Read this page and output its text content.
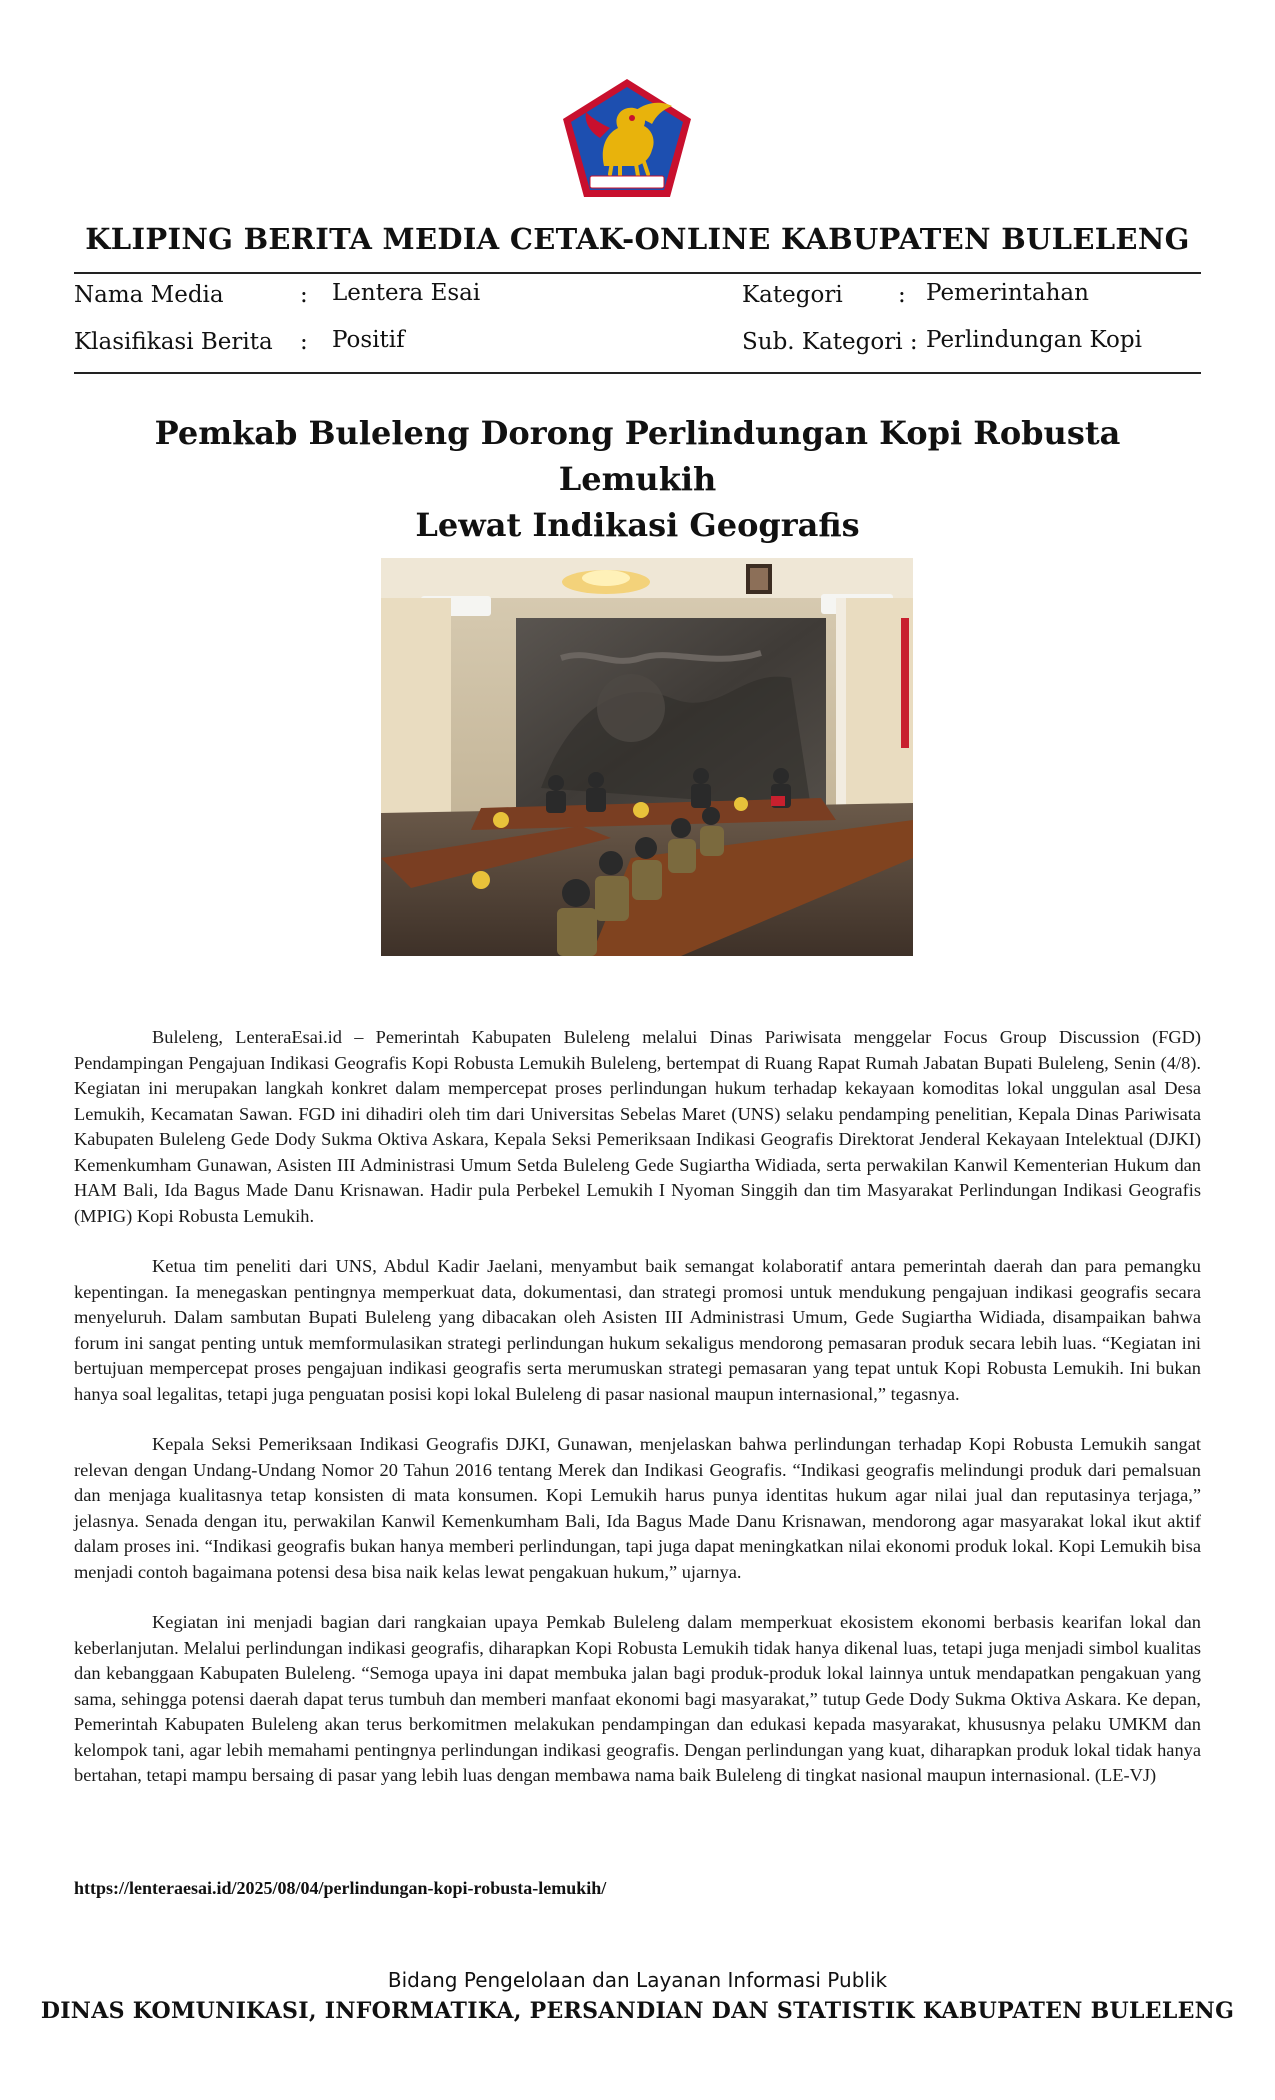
KLIPING BERITA MEDIA CETAK-ONLINE KABUPATEN BULELENG
Nama Media	: Lentera Esai
Klasifikasi Berita : Positif
Kategori : Pemerintahan
Sub. Kategori : Perlindungan Kopi
Pemkab Buleleng Dorong Perlindungan Kopi Robusta Lemukih
Lewat Indikasi Geografis

Buleleng, LenteraEsai.id – Pemerintah Kabupaten Buleleng melalui Dinas Pariwisata menggelar Focus Group Discussion (FGD) Pendampingan Pengajuan Indikasi Geografis Kopi Robusta Lemukih Buleleng, bertempat di Ruang Rapat Rumah Jabatan Bupati Buleleng, Senin (4/8). Kegiatan ini merupakan langkah konkret dalam mempercepat proses perlindungan hukum terhadap kekayaan komoditas lokal unggulan asal Desa Lemukih, Kecamatan Sawan. FGD ini dihadiri oleh tim dari Universitas Sebelas Maret (UNS) selaku pendamping penelitian, Kepala Dinas Pariwisata Kabupaten Buleleng Gede Dody Sukma Oktiva Askara, Kepala Seksi Pemeriksaan Indikasi Geografis Direktorat Jenderal Kekayaan Intelektual (DJKI) Kemenkumham Gunawan, Asisten III Administrasi Umum Setda Buleleng Gede Sugiartha Widiada, serta perwakilan Kanwil Kementerian Hukum dan HAM Bali, Ida Bagus Made Danu Krisnawan. Hadir pula Perbekel Lemukih I Nyoman Singgih dan tim Masyarakat Perlindungan Indikasi Geografis (MPIG) Kopi Robusta Lemukih.

Ketua tim peneliti dari UNS, Abdul Kadir Jaelani, menyambut baik semangat kolaboratif antara pemerintah daerah dan para pemangku kepentingan. Ia menegaskan pentingnya memperkuat data, dokumentasi, dan strategi promosi untuk mendukung pengajuan indikasi geografis secara menyeluruh. Dalam sambutan Bupati Buleleng yang dibacakan oleh Asisten III Administrasi Umum, Gede Sugiartha Widiada, disampaikan bahwa forum ini sangat penting untuk memformulasikan strategi perlindungan hukum sekaligus mendorong pemasaran produk secara lebih luas. “Kegiatan ini bertujuan mempercepat proses pengajuan indikasi geografis serta merumuskan strategi pemasaran yang tepat untuk Kopi Robusta Lemukih. Ini bukan hanya soal legalitas, tetapi juga penguatan posisi kopi lokal Buleleng di pasar nasional maupun internasional,” tegasnya.

Kepala Seksi Pemeriksaan Indikasi Geografis DJKI, Gunawan, menjelaskan bahwa perlindungan terhadap Kopi Robusta Lemukih sangat relevan dengan Undang-Undang Nomor 20 Tahun 2016 tentang Merek dan Indikasi Geografis. “Indikasi geografis melindungi produk dari pemalsuan dan menjaga kualitasnya tetap konsisten di mata konsumen. Kopi Lemukih harus punya identitas hukum agar nilai jual dan reputasinya terjaga,” jelasnya. Senada dengan itu, perwakilan Kanwil Kemenkumham Bali, Ida Bagus Made Danu Krisnawan, mendorong agar masyarakat lokal ikut aktif dalam proses ini. “Indikasi geografis bukan hanya memberi perlindungan, tapi juga dapat meningkatkan nilai ekonomi produk lokal. Kopi Lemukih bisa menjadi contoh bagaimana potensi desa bisa naik kelas lewat pengakuan hukum,” ujarnya.

Kegiatan ini menjadi bagian dari rangkaian upaya Pemkab Buleleng dalam memperkuat ekosistem ekonomi berbasis kearifan lokal dan keberlanjutan. Melalui perlindungan indikasi geografis, diharapkan Kopi Robusta Lemukih tidak hanya dikenal luas, tetapi juga menjadi simbol kualitas dan kebanggaan Kabupaten Buleleng. “Semoga upaya ini dapat membuka jalan bagi produk-produk lokal lainnya untuk mendapatkan pengakuan yang sama, sehingga potensi daerah dapat terus tumbuh dan memberi manfaat ekonomi bagi masyarakat,” tutup Gede Dody Sukma Oktiva Askara. Ke depan, Pemerintah Kabupaten Buleleng akan terus berkomitmen melakukan pendampingan dan edukasi kepada masyarakat, khususnya pelaku UMKM dan kelompok tani, agar lebih memahami pentingnya perlindungan indikasi geografis. Dengan perlindungan yang kuat, diharapkan produk lokal tidak hanya bertahan, tetapi mampu bersaing di pasar yang lebih luas dengan membawa nama baik Buleleng di tingkat nasional maupun internasional. (LE-VJ)

https://lenteraesai.id/2025/08/04/perlindungan-kopi-robusta-lemukih/
Bidang Pengelolaan dan Layanan Informasi Publik
DINAS KOMUNIKASI, INFORMATIKA, PERSANDIAN DAN STATISTIK KABUPATEN BULELENG
